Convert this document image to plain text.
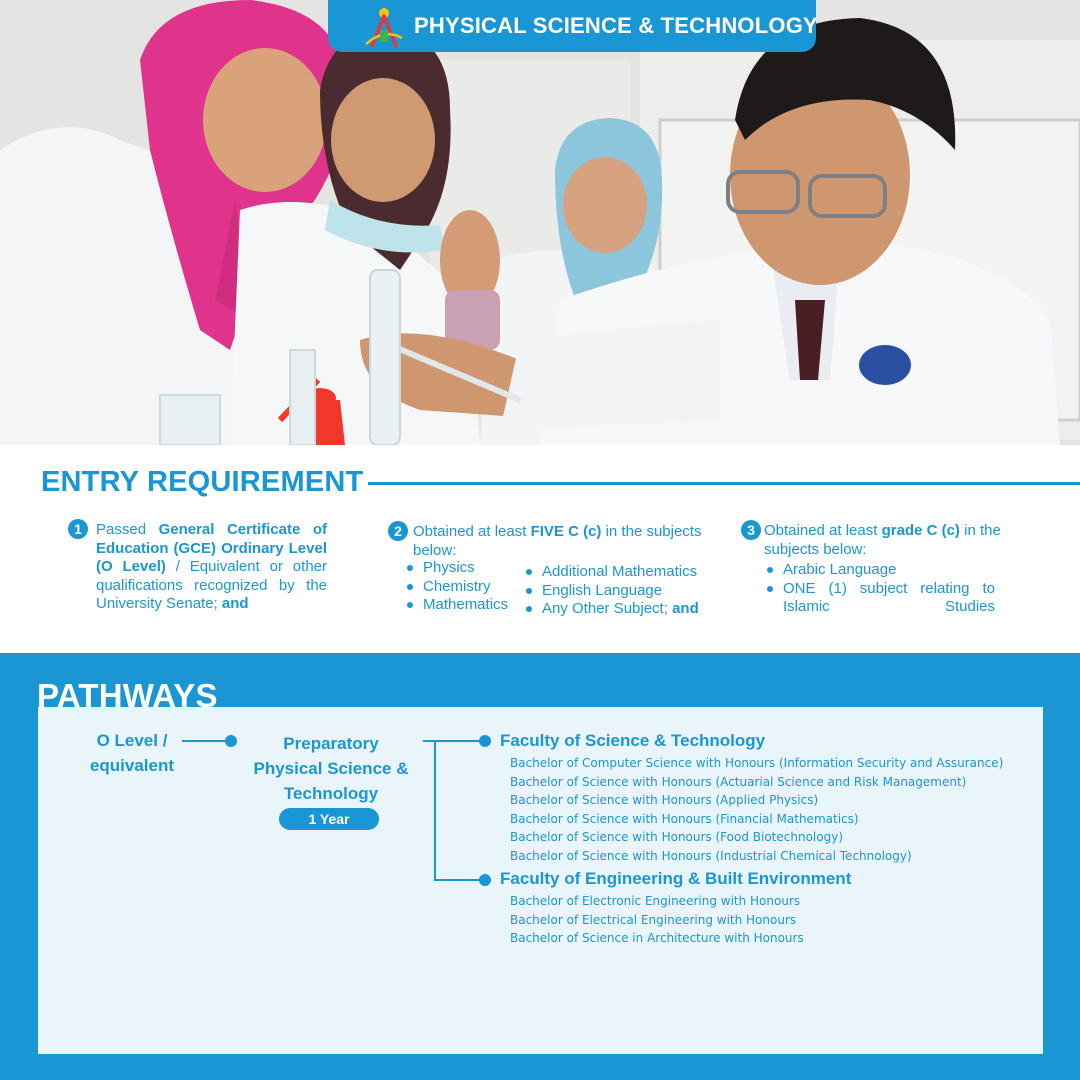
PHYSICAL SCIENCE & TECHNOLOGY
ENTRY REQUIREMENT
1 Passed General Certificate of Education (GCE) Ordinary Level (O Level) / Equivalent or other qualifications recognized by the University Senate; and

2 Obtained at least FIVE C (c) in the subjects below:

Physics
Chemistry
Mathematics
Additional Mathematics
English Language
Any Other Subject; and
3 Obtained at least grade C (c) in the subjects below:

Arabic Language
ONE (1) subject relating to Islamic Studies
PATHWAYS
O Level / equivalent
Preparatory
Physical Science &
Technology
1 Year
Faculty of Science & Technology
Bachelor of Computer Science with Honours (Information Security and Assurance)
Bachelor of Science with Honours (Actuarial Science and Risk Management)
Bachelor of Science with Honours (Applied Physics)
Bachelor of Science with Honours (Financial Mathematics)
Bachelor of Science with Honours (Food Biotechnology)
Bachelor of Science with Honours (Industrial Chemical Technology)
Faculty of Engineering & Built Environment
Bachelor of Electronic Engineering with Honours
Bachelor of Electrical Engineering with Honours
Bachelor of Science in Architecture with Honours
